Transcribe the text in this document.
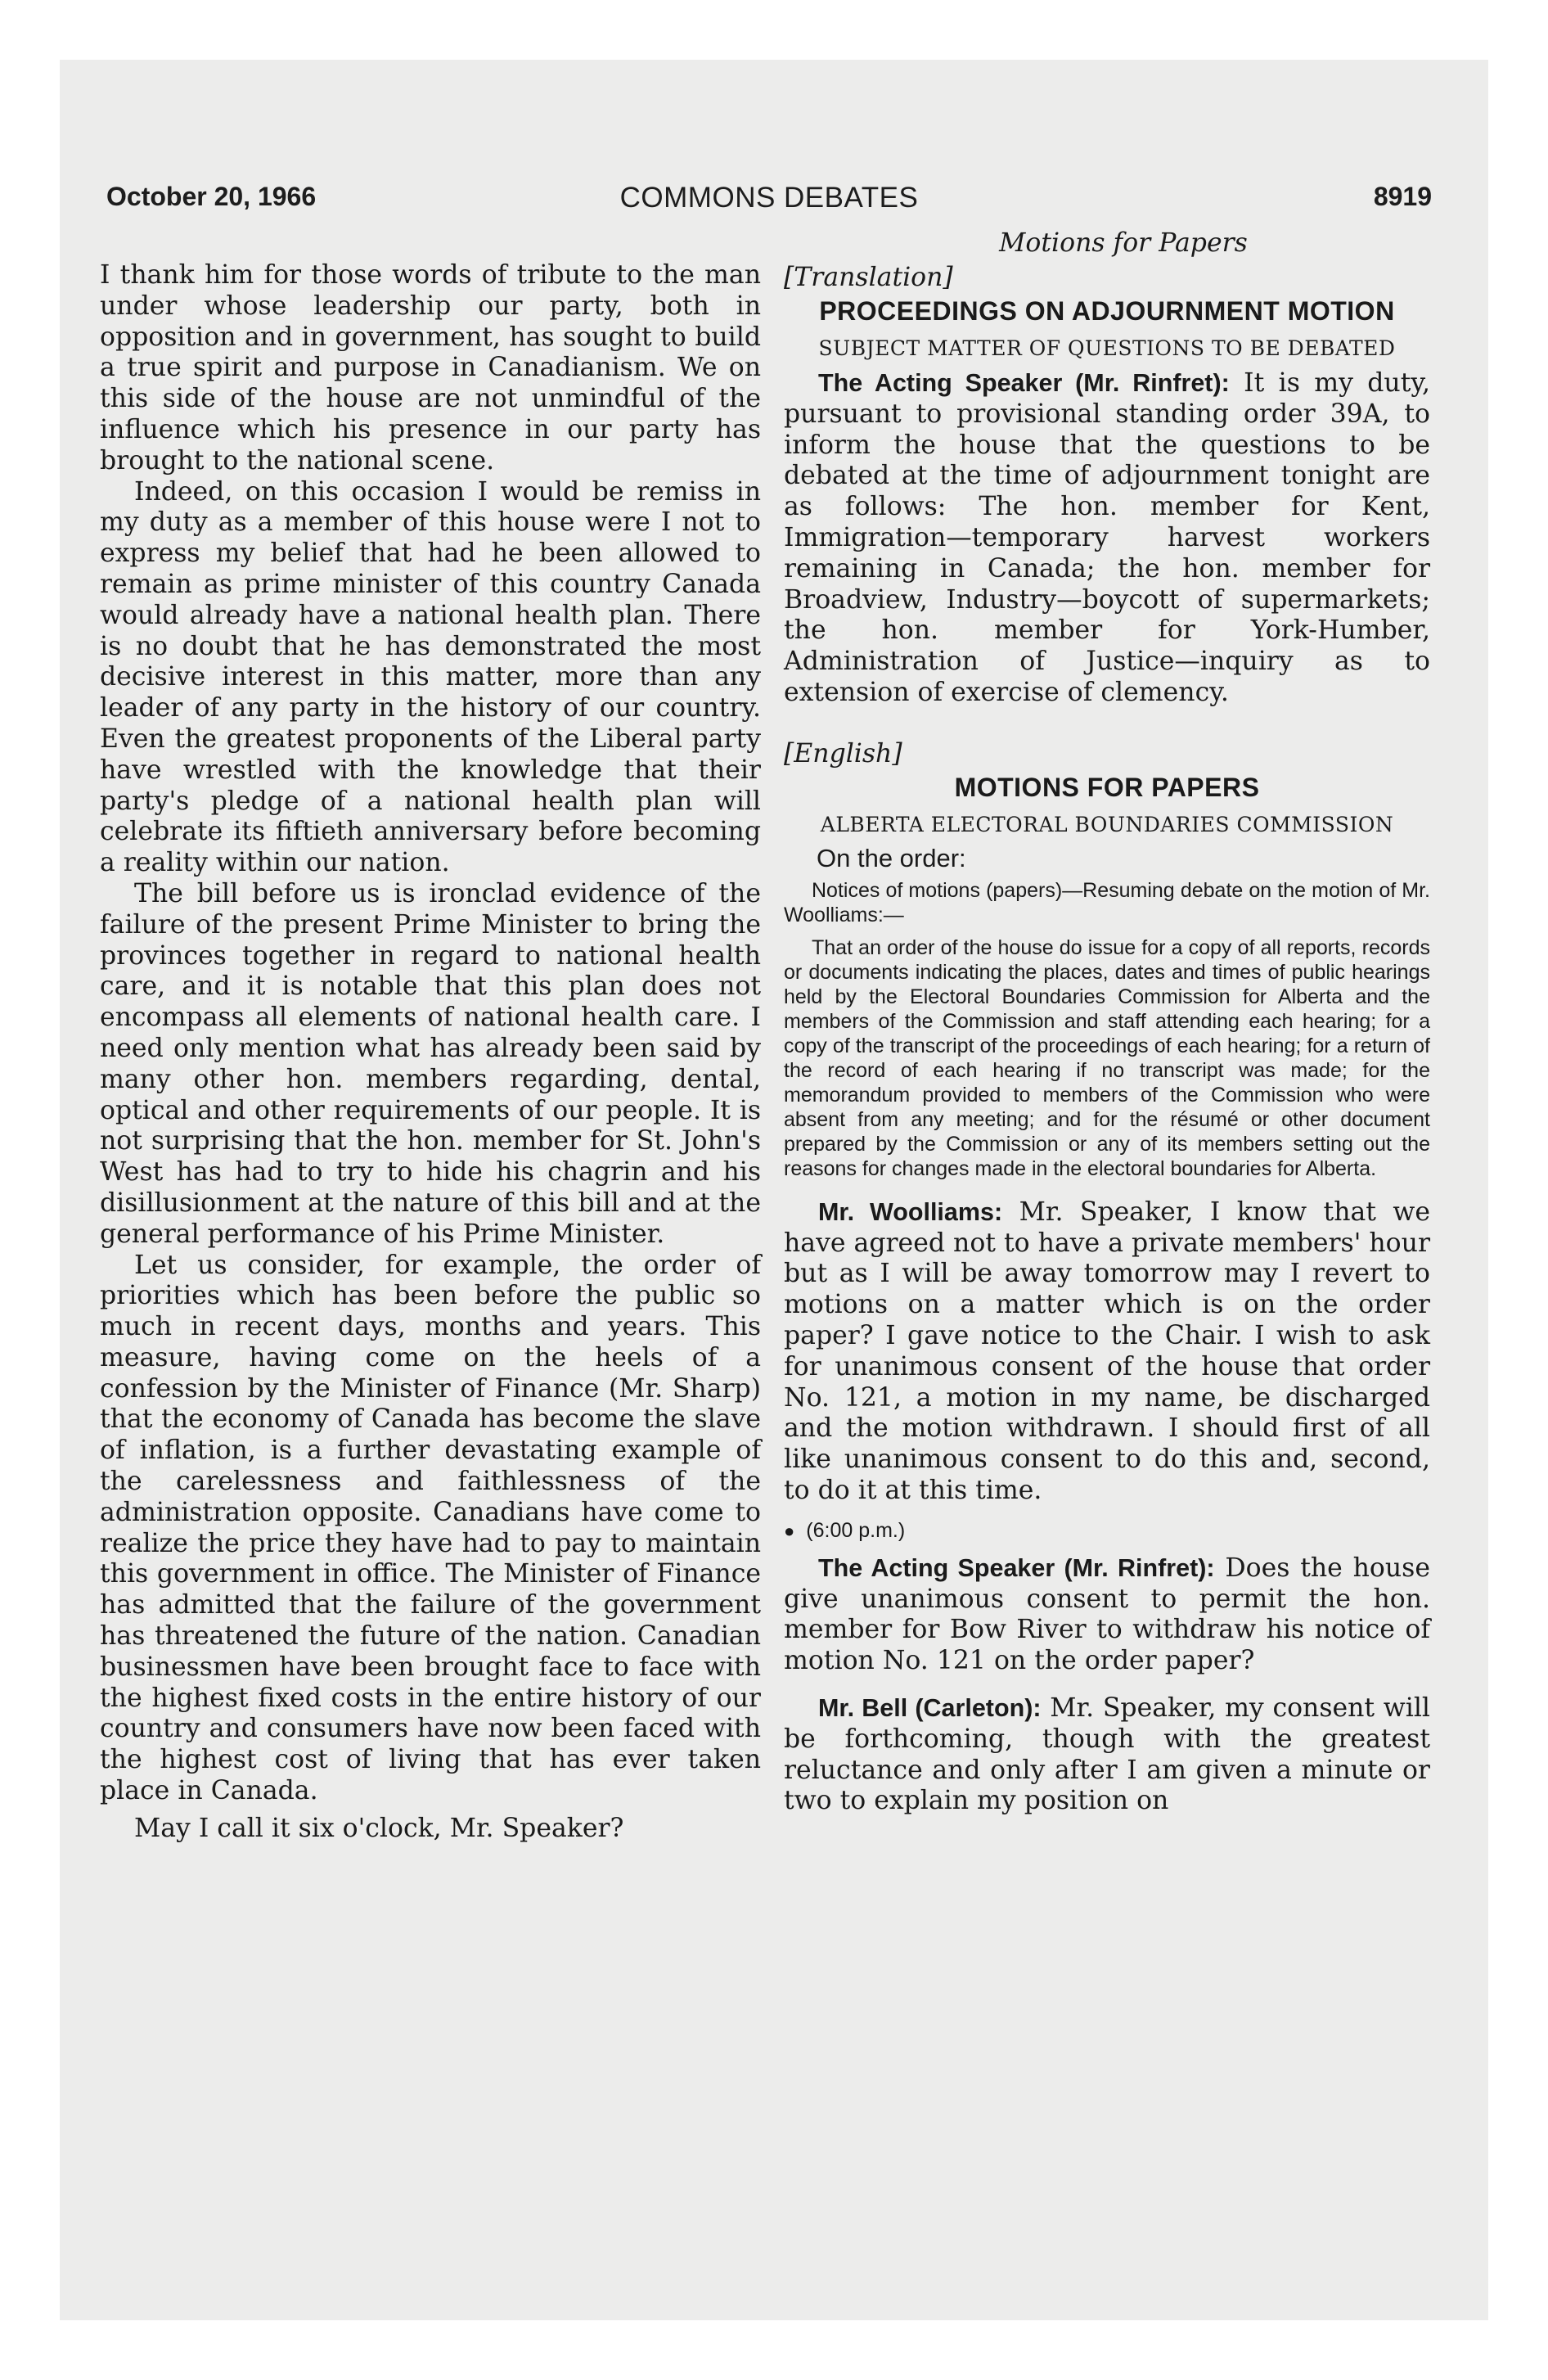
October 20, 1966	COMMONS DEBATES	8919

I thank him for those words of tribute to the man under whose leadership our party, both in opposition and in government, has sought to build a true spirit and purpose in Canadianism. We on this side of the house are not unmindful of the influence which his presence in our party has brought to the national scene.

Indeed, on this occasion I would be remiss in my duty as a member of this house were I not to express my belief that had he been allowed to remain as prime minister of this country Canada would already have a national health plan. There is no doubt that he has demonstrated the most decisive interest in this matter, more than any leader of any party in the history of our country. Even the greatest proponents of the Liberal party have wrestled with the knowledge that their party's pledge of a national health plan will celebrate its fiftieth anniversary before becoming a reality within our nation.

The bill before us is ironclad evidence of the failure of the present Prime Minister to bring the provinces together in regard to national health care, and it is notable that this plan does not encompass all elements of national health care. I need only mention what has already been said by many other hon. members regarding, dental, optical and other requirements of our people. It is not surprising that the hon. member for St. John's West has had to try to hide his chagrin and his disillusionment at the nature of this bill and at the general performance of his Prime Minister.

Let us consider, for example, the order of priorities which has been before the public so much in recent days, months and years. This measure, having come on the heels of a confession by the Minister of Finance (Mr. Sharp) that the economy of Canada has become the slave of inflation, is a further devastating example of the carelessness and faithlessness of the administration opposite. Canadians have come to realize the price they have had to pay to maintain this government in office. The Minister of Finance has admitted that the failure of the government has threatened the future of the nation. Canadian businessmen have been brought face to face with the highest fixed costs in the entire history of our country and consumers have now been faced with the highest cost of living that has ever taken place in Canada.

May I call it six o'clock, Mr. Speaker?

Motions for Papers
[Translation]
PROCEEDINGS ON ADJOURNMENT MOTION
SUBJECT MATTER OF QUESTIONS TO BE DEBATED

The Acting Speaker (Mr. Rinfret): It is my duty, pursuant to provisional standing order 39A, to inform the house that the questions to be debated at the time of adjournment tonight are as follows: The hon. member for Kent, Immigration—temporary harvest workers remaining in Canada; the hon. member for Broadview, Industry—boycott of supermarkets; the hon. member for York-Humber, Administration of Justice—inquiry as to extension of exercise of clemency.

[English]
MOTIONS FOR PAPERS
ALBERTA ELECTORAL BOUNDARIES COMMISSION
On the order:

Notices of motions (papers)—Resuming debate on the motion of Mr. Woolliams:—

That an order of the house do issue for a copy of all reports, records or documents indicating the places, dates and times of public hearings held by the Electoral Boundaries Commission for Alberta and the members of the Commission and staff attending each hearing; for a copy of the transcript of the proceedings of each hearing; for a return of the record of each hearing if no transcript was made; for the memorandum provided to members of the Commission who were absent from any meeting; and for the résumé or other document prepared by the Commission or any of its members setting out the reasons for changes made in the electoral boundaries for Alberta.

Mr. Woolliams: Mr. Speaker, I know that we have agreed not to have a private members' hour but as I will be away tomorrow may I revert to motions on a matter which is on the order paper? I gave notice to the Chair. I wish to ask for unanimous consent of the house that order No. 121, a motion in my name, be discharged and the motion withdrawn. I should first of all like unanimous consent to do this and, second, to do it at this time.

● (6:00 p.m.)

The Acting Speaker (Mr. Rinfret): Does the house give unanimous consent to permit the hon. member for Bow River to withdraw his notice of motion No. 121 on the order paper?

Mr. Bell (Carleton): Mr. Speaker, my consent will be forthcoming, though with the greatest reluctance and only after I am given a minute or two to explain my position on
